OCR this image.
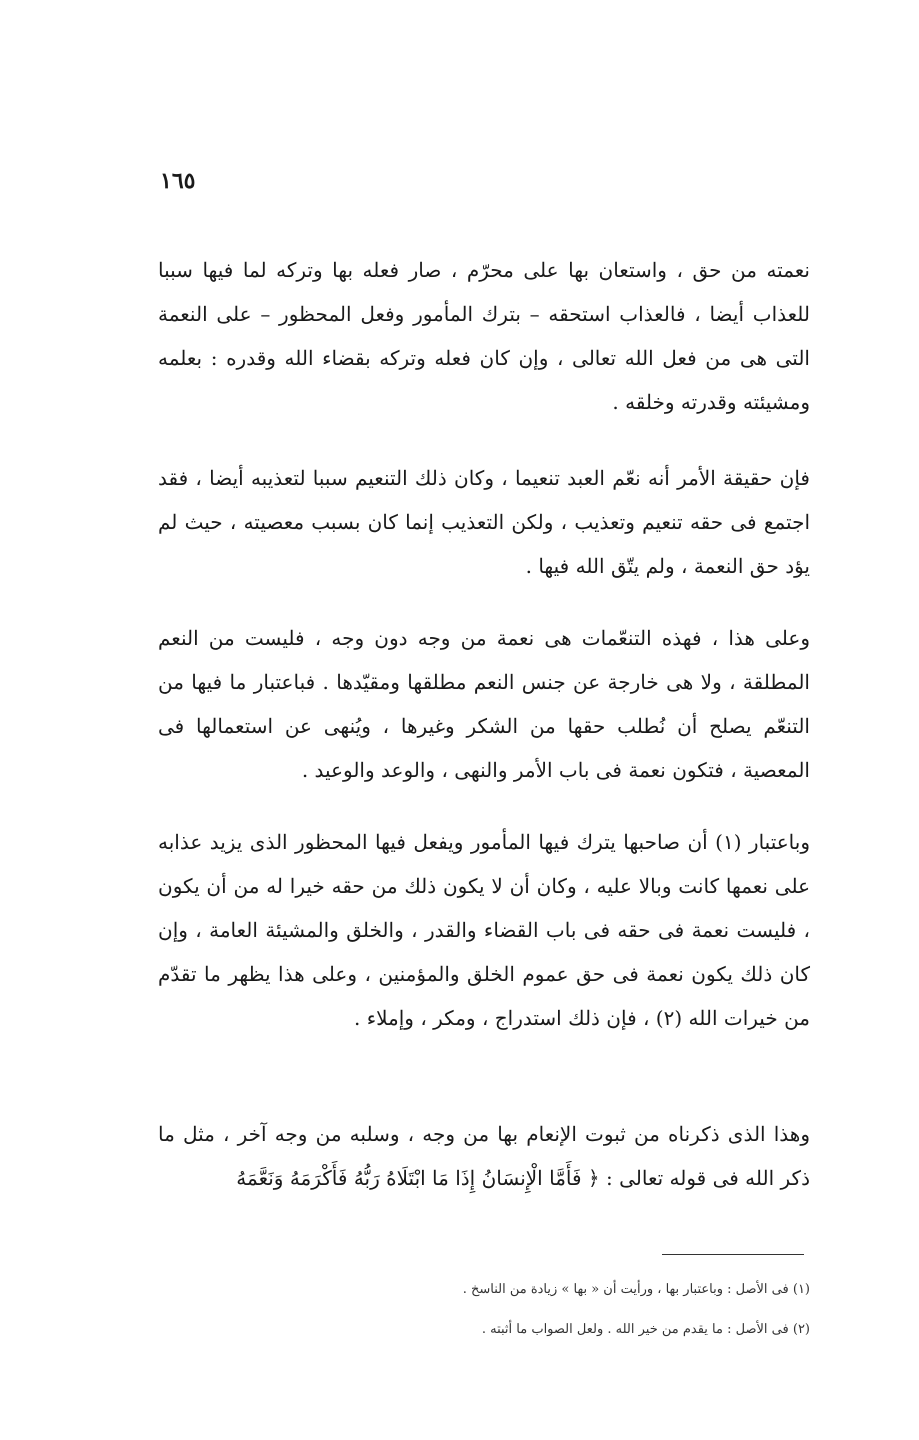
١٦٥

نعمته من حق ، واستعان بها على محرّم ، صار فعله بها وتركه لما فيها سببا للعذاب أيضا ، فالعذاب استحقه – بترك المأمور وفعل المحظور – على النعمة التى هى من فعل الله تعالى ، وإن كان فعله وتركه بقضاء الله وقدره : بعلمه ومشيئته وقدرته وخلقه .

فإن حقيقة الأمر أنه نعّم العبد تنعيما ، وكان ذلك التنعيم سببا لتعذيبه أيضا ، فقد اجتمع فى حقه تنعيم وتعذيب ، ولكن التعذيب إنما كان بسبب معصيته ، حيث لم يؤد حق النعمة ، ولم يتّق الله فيها .

وعلى هذا ، فهذه التنعّمات هى نعمة من وجه دون وجه ، فليست من النعم المطلقة ، ولا هى خارجة عن جنس النعم مطلقها ومقيّدها . فباعتبار ما فيها من التنعّم يصلح أن نُطلب حقها من الشكر وغيرها ، ويُنهى عن استعمالها فى المعصية ، فتكون نعمة فى باب الأمر والنهى ، والوعد والوعيد .

وباعتبار (١) أن صاحبها يترك فيها المأمور ويفعل فيها المحظور الذى يزيد عذابه على نعمها كانت وبالا عليه ، وكان أن لا يكون ذلك من حقه خيرا له من أن يكون ، فليست نعمة فى حقه فى باب القضاء والقدر ، والخلق والمشيئة العامة ، وإن كان ذلك يكون نعمة فى حق عموم الخلق والمؤمنين ، وعلى هذا يظهر ما تقدّم من خيرات الله (٢) ، فإن ذلك استدراج ، ومكر ، وإملاء .

وهذا الذى ذكرناه من ثبوت الإنعام بها من وجه ، وسلبه من وجه آخر ، مثل ما ذكر الله فى قوله تعالى : ﴿ فَأَمَّا الْإِنسَانُ إِذَا مَا ابْتَلَاهُ رَبُّهُ فَأَكْرَمَهُ وَنَعَّمَهُ

(١) فى الأصل : وباعتبار بها ، ورأيت أن « بها » زيادة من الناسخ .

(٢) فى الأصل : ما يقدم من خير الله . ولعل الصواب ما أثبته .
